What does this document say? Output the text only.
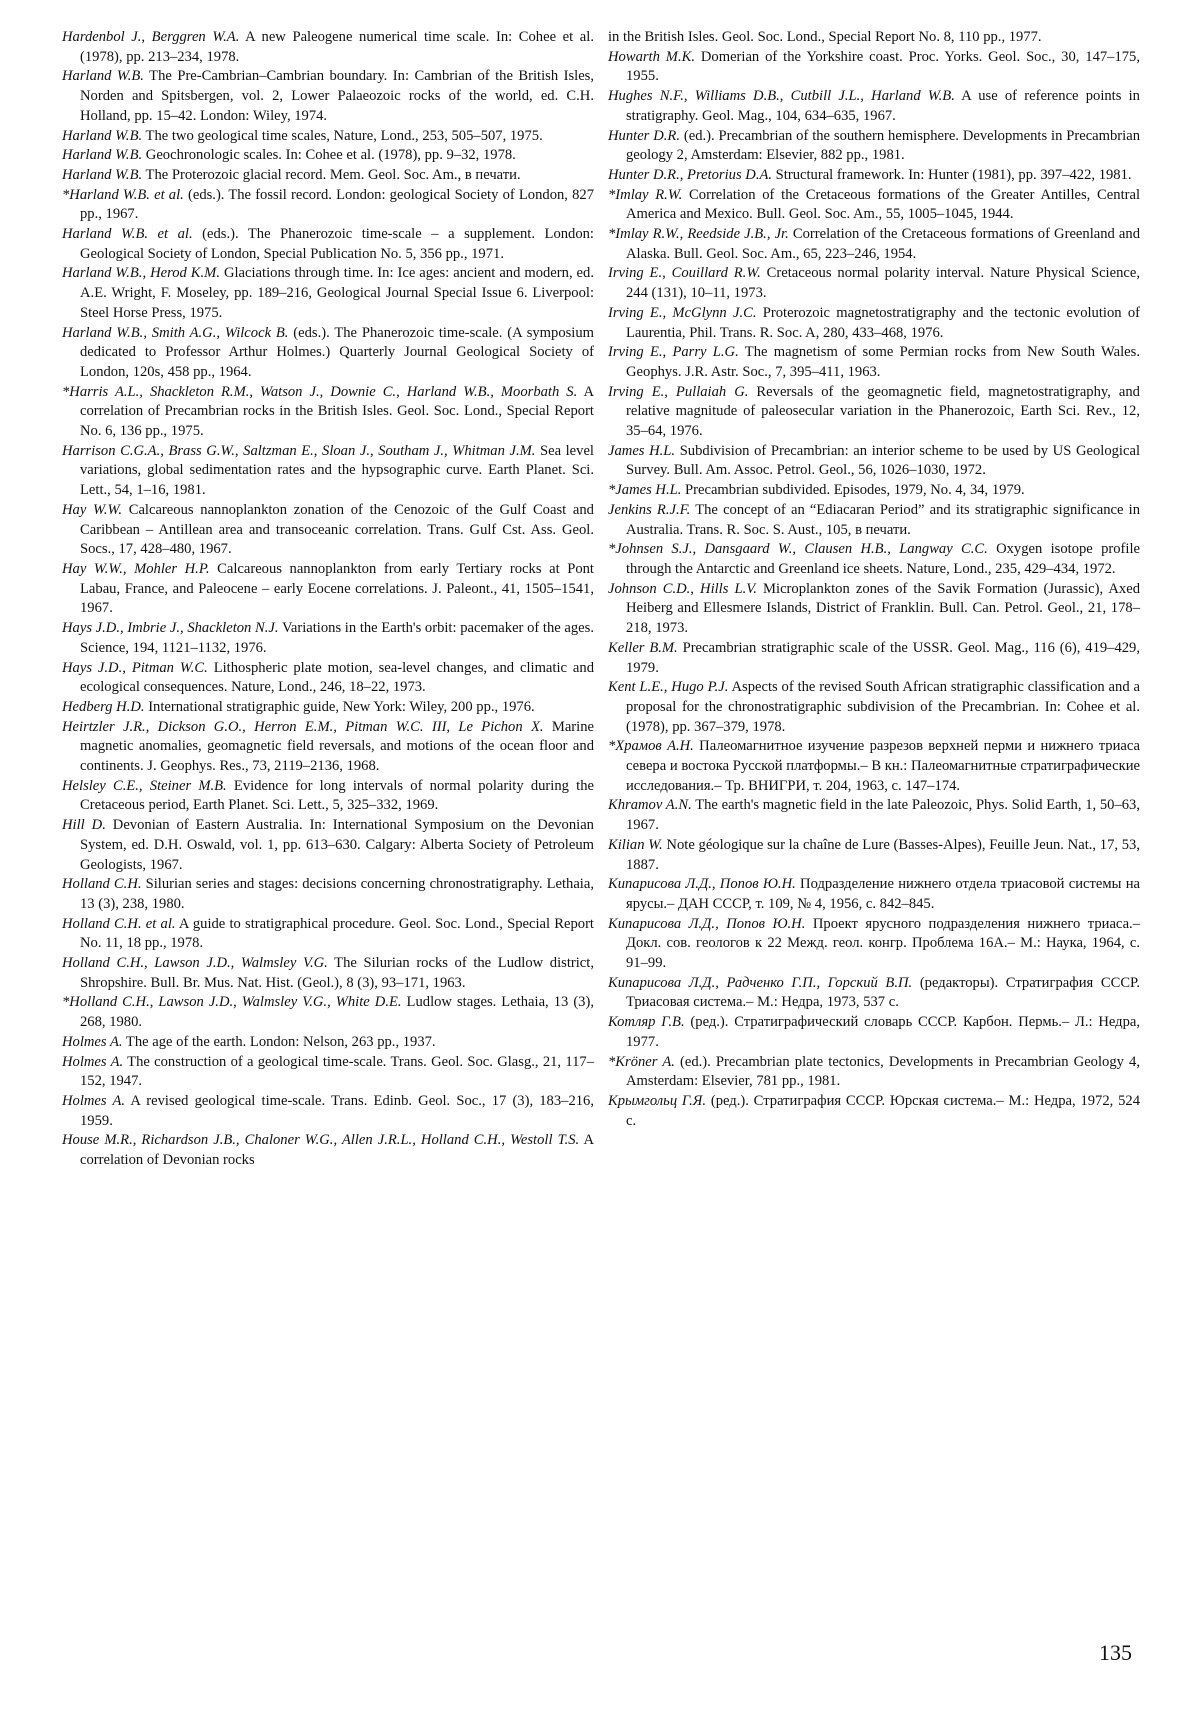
Hardenbol J., Berggren W.A. A new Paleogene numerical time scale. In: Cohee et al. (1978), pp. 213–234, 1978.

Harland W.B. The Pre-Cambrian–Cambrian boundary. In: Cambrian of the British Isles, Norden and Spitsbergen, vol. 2, Lower Palaeozoic rocks of the world, ed. C.H. Holland, pp. 15–42. London: Wiley, 1974.

Harland W.B. The two geological time scales, Nature, Lond., 253, 505–507, 1975.

Harland W.B. Geochronologic scales. In: Cohee et al. (1978), pp. 9–32, 1978.

Harland W.B. The Proterozoic glacial record. Mem. Geol. Soc. Am., в печати.

*Harland W.B. et al. (eds.). The fossil record. London: geological Society of London, 827 pp., 1967.

Harland W.B. et al. (eds.). The Phanerozoic time-scale – a supplement. London: Geological Society of London, Special Publication No. 5, 356 pp., 1971.

Harland W.B., Herod K.M. Glaciations through time. In: Ice ages: ancient and modern, ed. A.E. Wright, F. Moseley, pp. 189–216, Geological Journal Special Issue 6. Liverpool: Steel Horse Press, 1975.

Harland W.B., Smith A.G., Wilcock B. (eds.). The Phanerozoic time-scale. (A symposium dedicated to Professor Arthur Holmes.) Quarterly Journal Geological Society of London, 120s, 458 pp., 1964.

*Harris A.L., Shackleton R.M., Watson J., Downie C., Harland W.B., Moorbath S. A correlation of Precambrian rocks in the British Isles. Geol. Soc. Lond., Special Report No. 6, 136 pp., 1975.

Harrison C.G.A., Brass G.W., Saltzman E., Sloan J., Southam J., Whitman J.M. Sea level variations, global sedimentation rates and the hypsographic curve. Earth Planet. Sci. Lett., 54, 1–16, 1981.

Hay W.W. Calcareous nannoplankton zonation of the Cenozoic of the Gulf Coast and Caribbean – Antillean area and transoceanic correlation. Trans. Gulf Cst. Ass. Geol. Socs., 17, 428–480, 1967.

Hay W.W., Mohler H.P. Calcareous nannoplankton from early Tertiary rocks at Pont Labau, France, and Paleocene – early Eocene correlations. J. Paleont., 41, 1505–1541, 1967.

Hays J.D., Imbrie J., Shackleton N.J. Variations in the Earth's orbit: pacemaker of the ages. Science, 194, 1121–1132, 1976.

Hays J.D., Pitman W.C. Lithospheric plate motion, sea-level changes, and climatic and ecological consequences. Nature, Lond., 246, 18–22, 1973.

Hedberg H.D. International stratigraphic guide, New York: Wiley, 200 pp., 1976.

Heirtzler J.R., Dickson G.O., Herron E.M., Pitman W.C. III, Le Pichon X. Marine magnetic anomalies, geomagnetic field reversals, and motions of the ocean floor and continents. J. Geophys. Res., 73, 2119–2136, 1968.

Helsley C.E., Steiner M.B. Evidence for long intervals of normal polarity during the Cretaceous period, Earth Planet. Sci. Lett., 5, 325–332, 1969.

Hill D. Devonian of Eastern Australia. In: International Symposium on the Devonian System, ed. D.H. Oswald, vol. 1, pp. 613–630. Calgary: Alberta Society of Petroleum Geologists, 1967.

Holland C.H. Silurian series and stages: decisions concerning chronostratigraphy. Lethaia, 13 (3), 238, 1980.

Holland C.H. et al. A guide to stratigraphical procedure. Geol. Soc. Lond., Special Report No. 11, 18 pp., 1978.

Holland C.H., Lawson J.D., Walmsley V.G. The Silurian rocks of the Ludlow district, Shropshire. Bull. Br. Mus. Nat. Hist. (Geol.), 8 (3), 93–171, 1963.

*Holland C.H., Lawson J.D., Walmsley V.G., White D.E. Ludlow stages. Lethaia, 13 (3), 268, 1980.

Holmes A. The age of the earth. London: Nelson, 263 pp., 1937.

Holmes A. The construction of a geological time-scale. Trans. Geol. Soc. Glasg., 21, 117–152, 1947.

Holmes A. A revised geological time-scale. Trans. Edinb. Geol. Soc., 17 (3), 183–216, 1959.

House M.R., Richardson J.B., Chaloner W.G., Allen J.R.L., Holland C.H., Westoll T.S. A correlation of Devonian rocks

in the British Isles. Geol. Soc. Lond., Special Report No. 8, 110 pp., 1977.

Howarth M.K. Domerian of the Yorkshire coast. Proc. Yorks. Geol. Soc., 30, 147–175, 1955.

Hughes N.F., Williams D.B., Cutbill J.L., Harland W.B. A use of reference points in stratigraphy. Geol. Mag., 104, 634–635, 1967.

Hunter D.R. (ed.). Precambrian of the southern hemisphere. Developments in Precambrian geology 2, Amsterdam: Elsevier, 882 pp., 1981.

Hunter D.R., Pretorius D.A. Structural framework. In: Hunter (1981), pp. 397–422, 1981.

*Imlay R.W. Correlation of the Cretaceous formations of the Greater Antilles, Central America and Mexico. Bull. Geol. Soc. Am., 55, 1005–1045, 1944.

*Imlay R.W., Reedside J.B., Jr. Correlation of the Cretaceous formations of Greenland and Alaska. Bull. Geol. Soc. Am., 65, 223–246, 1954.

Irving E., Couillard R.W. Cretaceous normal polarity interval. Nature Physical Science, 244 (131), 10–11, 1973.

Irving E., McGlynn J.C. Proterozoic magnetostratigraphy and the tectonic evolution of Laurentia, Phil. Trans. R. Soc. A, 280, 433–468, 1976.

Irving E., Parry L.G. The magnetism of some Permian rocks from New South Wales. Geophys. J.R. Astr. Soc., 7, 395–411, 1963.

Irving E., Pullaiah G. Reversals of the geomagnetic field, magnetostratigraphy, and relative magnitude of paleosecular variation in the Phanerozoic, Earth Sci. Rev., 12, 35–64, 1976.

James H.L. Subdivision of Precambrian: an interior scheme to be used by US Geological Survey. Bull. Am. Assoc. Petrol. Geol., 56, 1026–1030, 1972.

*James H.L. Precambrian subdivided. Episodes, 1979, No. 4, 34, 1979.

Jenkins R.J.F. The concept of an “Ediacaran Period” and its stratigraphic significance in Australia. Trans. R. Soc. S. Aust., 105, в печати.

*Johnsen S.J., Dansgaard W., Clausen H.B., Langway C.C. Oxygen isotope profile through the Antarctic and Greenland ice sheets. Nature, Lond., 235, 429–434, 1972.

Johnson C.D., Hills L.V. Microplankton zones of the Savik Formation (Jurassic), Axed Heiberg and Ellesmere Islands, District of Franklin. Bull. Can. Petrol. Geol., 21, 178–218, 1973.

Keller B.M. Precambrian stratigraphic scale of the USSR. Geol. Mag., 116 (6), 419–429, 1979.

Kent L.E., Hugo P.J. Aspects of the revised South African stratigraphic classification and a proposal for the chronostratigraphic subdivision of the Precambrian. In: Cohee et al. (1978), pp. 367–379, 1978.

*Храмов А.Н. Палеомагнитное изучение разрезов верхней перми и нижнего триаса севера и востока Русской платформы.– В кн.: Палеомагнитные стратиграфические исследования.– Тр. ВНИГРИ, т. 204, 1963, с. 147–174.

Khramov A.N. The earth's magnetic field in the late Paleozoic, Phys. Solid Earth, 1, 50–63, 1967.

Kilian W. Note géologique sur la chaîne de Lure (Basses-Alpes), Feuille Jeun. Nat., 17, 53, 1887.

Кипарисова Л.Д., Попов Ю.Н. Подразделение нижнего отдела триасовой системы на ярусы.– ДАН СССР, т. 109, № 4, 1956, с. 842–845.

Кипарисова Л.Д., Попов Ю.Н. Проект ярусного подразделения нижнего триаса.– Докл. сов. геологов к 22 Межд. геол. конгр. Проблема 16А.– М.: Наука, 1964, с. 91–99.

Кипарисова Л.Д., Радченко Г.П., Горский В.П. (редакторы). Стратиграфия СССР. Триасовая система.– М.: Недра, 1973, 537 с.

Котляр Г.В. (ред.). Стратиграфический словарь СССР. Карбон. Пермь.– Л.: Недра, 1977.

*Kröner A. (ed.). Precambrian plate tectonics, Developments in Precambrian Geology 4, Amsterdam: Elsevier, 781 pp., 1981.

Крымгольц Г.Я. (ред.). Стратиграфия СССР. Юрская система.– М.: Недра, 1972, 524 с.

135
